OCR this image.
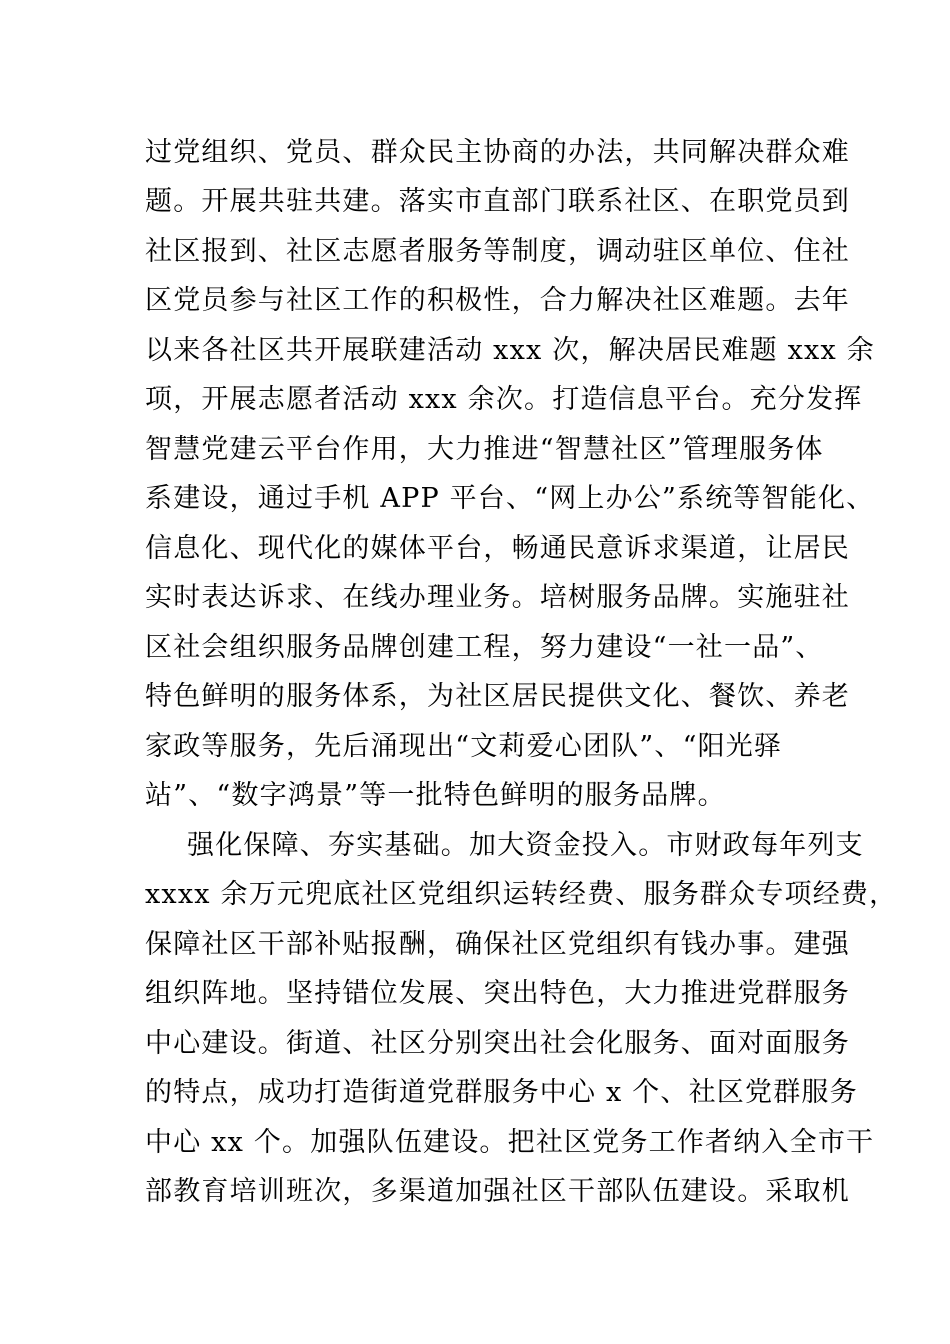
过党组织、党员、群众民主协商的办法，共同解决群众难
题。开展共驻共建。落实市直部门联系社区、在职党员到
社区报到、社区志愿者服务等制度，调动驻区单位、住社
区党员参与社区工作的积极性，合力解决社区难题。去年
以来各社区共开展联建活动 xxx 次，解决居民难题 xxx 余
项，开展志愿者活动 xxx 余次。打造信息平台。充分发挥
智慧党建云平台作用，大力推进“智慧社区”管理服务体
系建设，通过手机 APP 平台、“网上办公”系统等智能化、
信息化、现代化的媒体平台，畅通民意诉求渠道，让居民
实时表达诉求、在线办理业务。培树服务品牌。实施驻社
区社会组织服务品牌创建工程，努力建设“一社一品”、
特色鲜明的服务体系，为社区居民提供文化、餐饮、养老
家政等服务，先后涌现出“文莉爱心团队”、“阳光驿
站”、“数字鸿景”等一批特色鲜明的服务品牌。
强化保障、夯实基础。加大资金投入。市财政每年列支
xxxx 余万元兜底社区党组织运转经费、服务群众专项经费，
保障社区干部补贴报酬，确保社区党组织有钱办事。建强
组织阵地。坚持错位发展、突出特色，大力推进党群服务
中心建设。街道、社区分别突出社会化服务、面对面服务
的特点，成功打造街道党群服务中心 x 个、社区党群服务
中心 xx 个。加强队伍建设。把社区党务工作者纳入全市干
部教育培训班次，多渠道加强社区干部队伍建设。采取机
